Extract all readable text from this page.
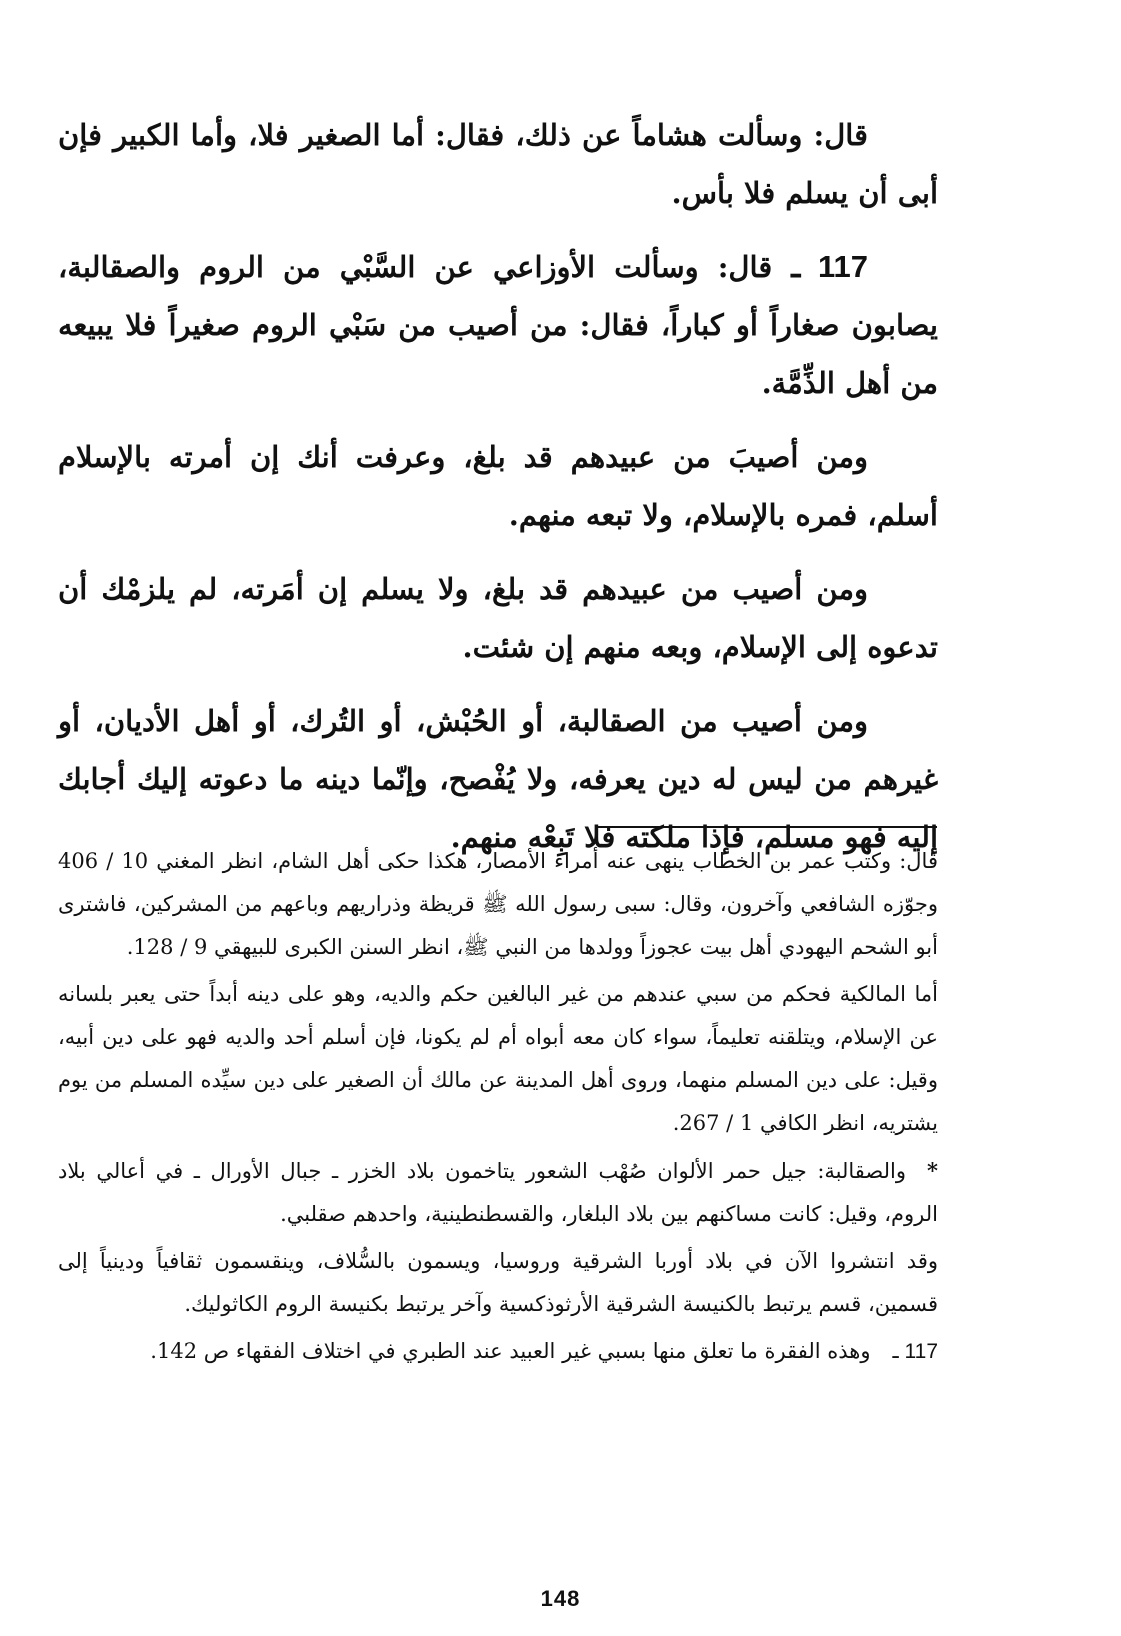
قال: وسألت هشاماً عن ذلك، فقال: أما الصغير فلا، وأما الكبير فإن أبى أن يسلم فلا بأس.

117 ـ قال: وسألت الأوزاعي عن السَّبْي من الروم والصقالبة، يصابون صغاراً أو كباراً، فقال: من أصيب من سَبْي الروم صغيراً فلا يبيعه من أهل الذِّمَّة.

ومن أصيبَ من عبيدهم قد بلغ، وعرفت أنك إن أمرته بالإسلام أسلم، فمره بالإسلام، ولا تبعه منهم.

ومن أصيب من عبيدهم قد بلغ، ولا يسلم إن أمَرته، لم يلزمْك أن تدعوه إلى الإسلام، وبعه منهم إن شئت.

ومن أصيب من الصقالبة، أو الحُبْش، أو التُرك، أو أهل الأديان، أو غيرهم من ليس له دين يعرفه، ولا يُفْصح، وإنّما دينه ما دعوته إليك أجابك إليه فهو مسلم، فإذا ملكته فلا تَبِعْه منهم.

قال: وكتب عمر بن الخطاب ينهى عنه أمراء الأمصار، هكذا حكى أهل الشام، انظر المغني 10 / 406 وجوّزه الشافعي وآخرون، وقال: سبى رسول الله ﷺ قريظة وذراريهم وباعهم من المشركين، فاشترى أبو الشحم اليهودي أهل بيت عجوزاً وولدها من النبي ﷺ، انظر السنن الكبرى للبيهقي 9 / 128.

أما المالكية فحكم من سبي عندهم من غير البالغين حكم والديه، وهو على دينه أبداً حتى يعبر بلسانه عن الإسلام، ويتلقنه تعليماً، سواء كان معه أبواه أم لم يكونا، فإن أسلم أحد والديه فهو على دين أبيه، وقيل: على دين المسلم منهما، وروى أهل المدينة عن مالك أن الصغير على دين سيِّده المسلم من يوم يشتريه، انظر الكافي 1 / 267.

*والصقالبة: جيل حمر الألوان صُهْب الشعور يتاخمون بلاد الخزر ـ جبال الأورال ـ في أعالي بلاد الروم، وقيل: كانت مساكنهم بين بلاد البلغار، والقسطنطينية، واحدهم صقلبي.

وقد انتشروا الآن في بلاد أوربا الشرقية وروسيا، ويسمون بالسُّلاف، وينقسمون ثقافياً ودينياً إلى قسمين، قسم يرتبط بالكنيسة الشرقية الأرثوذكسية وآخر يرتبط بكنيسة الروم الكاثوليك.

117 ـوهذه الفقرة ما تعلق منها بسبي غير العبيد عند الطبري في اختلاف الفقهاء ص 142.

148
